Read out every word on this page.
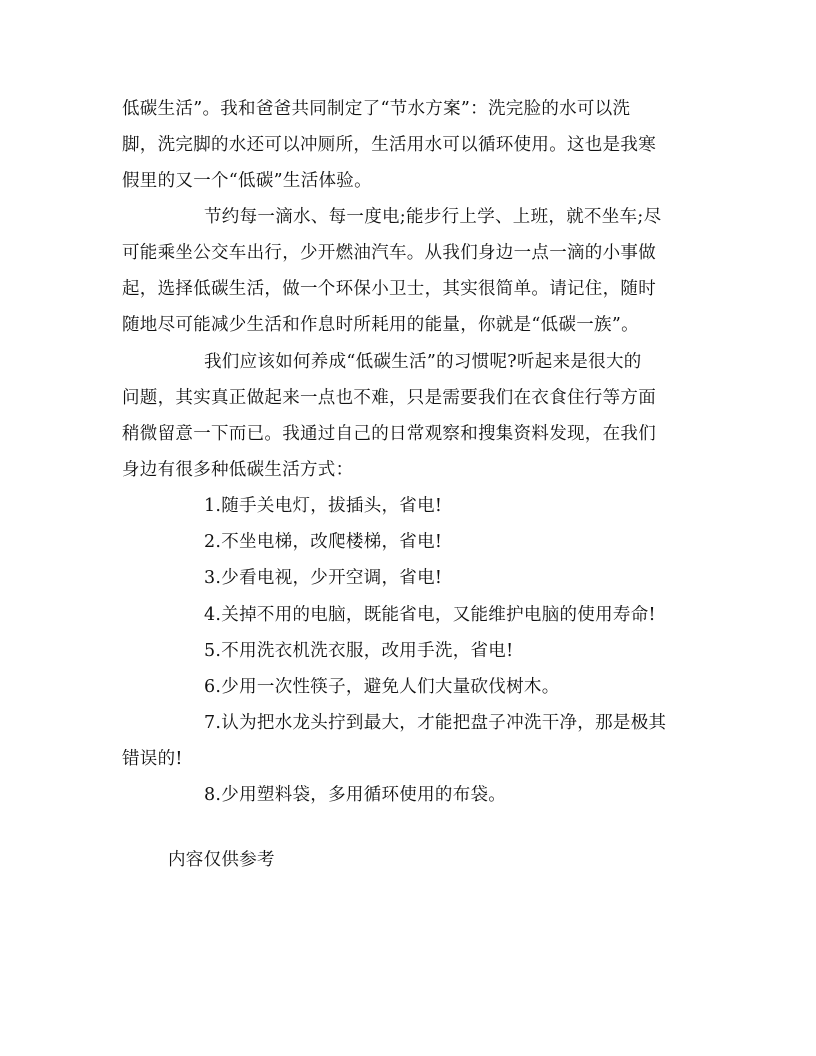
低碳生活”。我和爸爸共同制定了“节水方案”：洗完脸的水可以洗
脚，洗完脚的水还可以冲厕所，生活用水可以循环使用。这也是我寒
假里的又一个“低碳”生活体验。
节约每一滴水、每一度电;能步行上学、上班，就不坐车;尽
可能乘坐公交车出行，少开燃油汽车。从我们身边一点一滴的小事做
起，选择低碳生活，做一个环保小卫士，其实很简单。请记住，随时
随地尽可能减少生活和作息时所耗用的能量，你就是“低碳一族”。
我们应该如何养成“低碳生活”的习惯呢?听起来是很大的
问题，其实真正做起来一点也不难，只是需要我们在衣食住行等方面
稍微留意一下而已。我通过自己的日常观察和搜集资料发现，在我们
身边有很多种低碳生活方式：
1.随手关电灯，拔插头，省电!
2.不坐电梯，改爬楼梯，省电!
3.少看电视，少开空调，省电!
4.关掉不用的电脑，既能省电，又能维护电脑的使用寿命!
5.不用洗衣机洗衣服，改用手洗，省电!
6.少用一次性筷子，避免人们大量砍伐树木。
7.认为把水龙头拧到最大，才能把盘子冲洗干净，那是极其
错误的!
8.少用塑料袋，多用循环使用的布袋。
内容仅供参考
